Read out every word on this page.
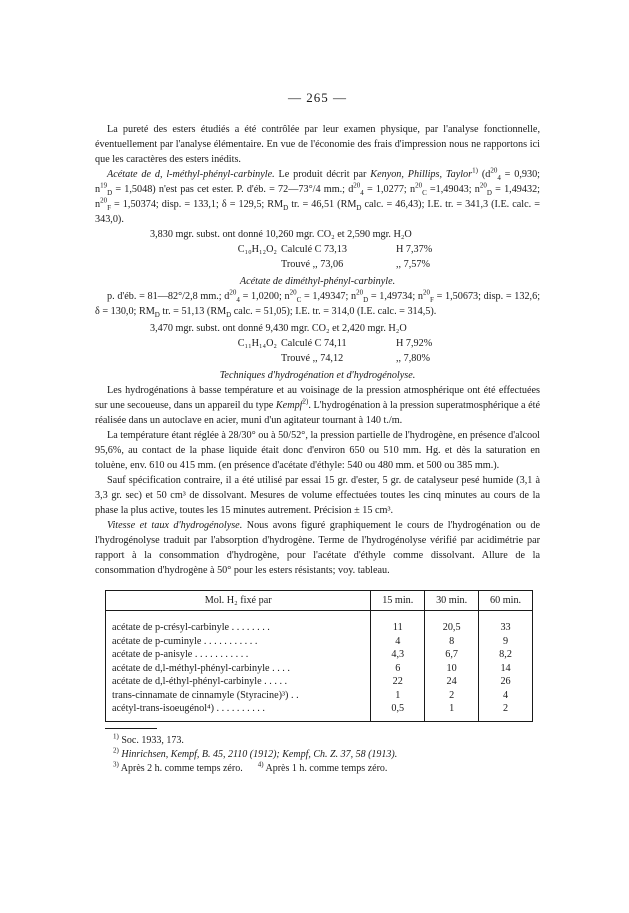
— 265 —

La pureté des esters étudiés a été contrôlée par leur examen physique, par l'analyse fonctionnelle, éventuellement par l'analyse élémentaire. En vue de l'économie des frais d'impression nous ne rapportons ici que les caractères des esters inédits.

Acétate de d, l-méthyl-phényl-carbinyle. Le produit décrit par Kenyon, Phillips, Taylor$^{1)}$ ($d^{20}_4 = 0,930$; $n^{19}_D = 1,5048$) n'est pas cet ester. P. d'éb. = 72—73°/4 mm.; $d^{20}_4 = 1,0277$; $n^{20}_C =1,49043$; $n^{20}_D = 1,49432$; $n^{20}_F = 1,50374$; disp. = 133,1; δ = 129,5; $RM_D$ tr. = 46,51 ($RM_D$ calc. = 46,43); I.E. tr. = 341,3 (I.E. calc. = 343,0).

3,830 mgr. subst. ont donné 10,260 mgr. CO₂ et 2,590 mgr. H₂O
C₁₀H₁₂O₂ Calculé C 73,13	H 7,37%
Trouvé ,, 73,06	,, 7,57%
Acétate de diméthyl-phényl-carbinyle.

p. d'éb. = 81—82°/2,8 mm.; $d^{20}_4 = 1,0200$; $n^{20}_C = 1,49347$; $n^{20}_D = 1,49734$; $n^{20}_F = 1,50673$; disp. = 132,6; δ = 130,0; $RM_D$ tr. = 51,13 ($RM_D$ calc. = 51,05); I.E. tr. = 314,0 (I.E. calc. = 314,5).

3,470 mgr. subst. ont donné 9,430 mgr. CO₂ et 2,420 mgr. H₂O
C₁₁H₁₄O₂ Calculé C 74,11	H 7,92%
Trouvé ,, 74,12	,, 7,80%
Techniques d'hydrogénation et d'hydrogénolyse.

Les hydrogénations à basse température et au voisinage de la pression atmosphérique ont été effectuées sur une secoueuse, dans un appareil du type Kempf$^{2)}$. L'hydrogénation à la pression superatmosphérique a été réalisée dans un autoclave en acier, muni d'un agitateur tournant à 140 t./m.

La température étant réglée à 28/30° ou à 50/52°, la pression partielle de l'hydrogène, en présence d'alcool 95,6%, au contact de la phase liquide était donc d'environ 650 ou 510 mm. Hg. et dès la saturation en toluène, env. 610 ou 415 mm. (en présence d'acétate d'éthyle: 540 ou 480 mm. et 500 ou 385 mm.).

Sauf spécification contraire, il a été utilisé par essai 15 gr. d'ester, 5 gr. de catalyseur pesé humide (3,1 à 3,3 gr. sec) et 50 cm³ de dissolvant. Mesures de volume effectuées toutes les cinq minutes au cours de la phase la plus active, toutes les 15 minutes autrement. Précision ± 15 cm³.

Vitesse et taux d'hydrogénolyse. Nous avons figuré graphiquement le cours de l'hydrogénation ou de l'hydrogénolyse traduit par l'absorption d'hydrogène. Terme de l'hydrogénolyse vérifié par acidimétrie par rapport à la consommation d'hydrogène, pour l'acétate d'éthyle comme dissolvant. Allure de la consommation d'hydrogène à 50° pour les esters résistants; voy. tableau.

Mol. H₂ fixé par	15 min.	30 min.	60 min.
acétate de p-crésyl-carbinyle . . . . . . . .	11	20,5	33
acétate de p-cuminyle . . . . . . . . . . .	4	8	9
acétate de p-anisyle . . . . . . . . . . .	4,3	6,7	8,2
acétate de d,l-méthyl-phényl-carbinyle . . . .	6	10	14
acétate de d,l-éthyl-phényl-carbinyle . . . . .	22	24	26
trans-cinnamate de cinnamyle (Styracine)³) . .	1	2	4
acétyl-trans-isoeugénol⁴) . . . . . . . . . .	0,5	1	2
$^{1)}$ Soc. 1933, 173.
$^{2)}$ Hinrichsen, Kempf, B. 45, 2110 (1912); Kempf, Ch. Z. 37, 58 (1913).
$^{3)}$ Après 2 h. comme temps zéro. $^{4)}$ Après 1 h. comme temps zéro.
